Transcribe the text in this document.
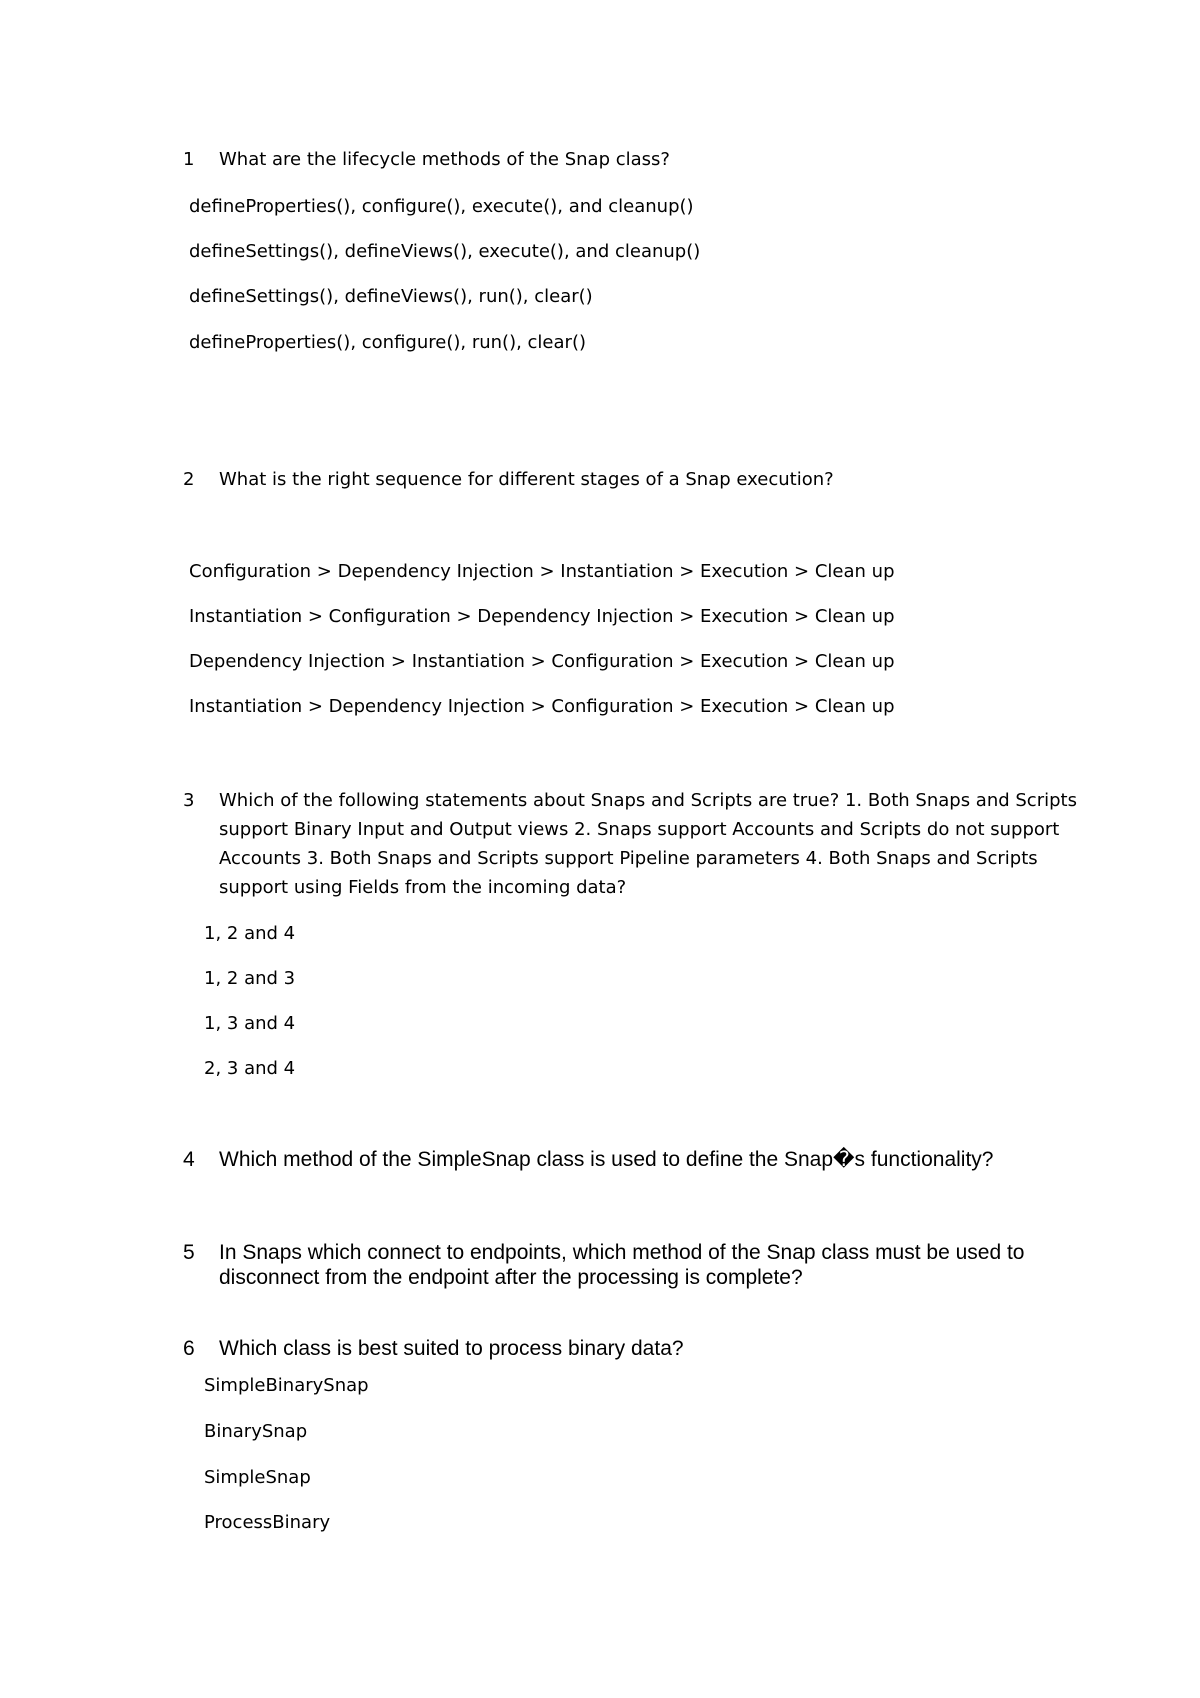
1 What are the lifecycle methods of the Snap class?
defineProperties(), configure(), execute(), and cleanup()
defineSettings(), defineViews(), execute(), and cleanup()
defineSettings(), defineViews(), run(), clear()
defineProperties(), configure(), run(), clear()
2 What is the right sequence for different stages of a Snap execution?
Configuration > Dependency Injection > Instantiation > Execution > Clean up
Instantiation > Configuration > Dependency Injection > Execution > Clean up
Dependency Injection > Instantiation > Configuration > Execution > Clean up
Instantiation > Dependency Injection > Configuration > Execution > Clean up
3 Which of the following statements about Snaps and Scripts are true? 1. Both Snaps and Scripts support Binary Input and Output views 2. Snaps support Accounts and Scripts do not support Accounts 3. Both Snaps and Scripts support Pipeline parameters 4. Both Snaps and Scripts support using Fields from the incoming data?
1, 2 and 4
1, 2 and 3
1, 3 and 4
2, 3 and 4
4 Which method of the SimpleSnap class is used to define the Snap�s functionality?
5 In Snaps which connect to endpoints, which method of the Snap class must be used to disconnect from the endpoint after the processing is complete?
6 Which class is best suited to process binary data?
SimpleBinarySnap
BinarySnap
SimpleSnap
ProcessBinary
